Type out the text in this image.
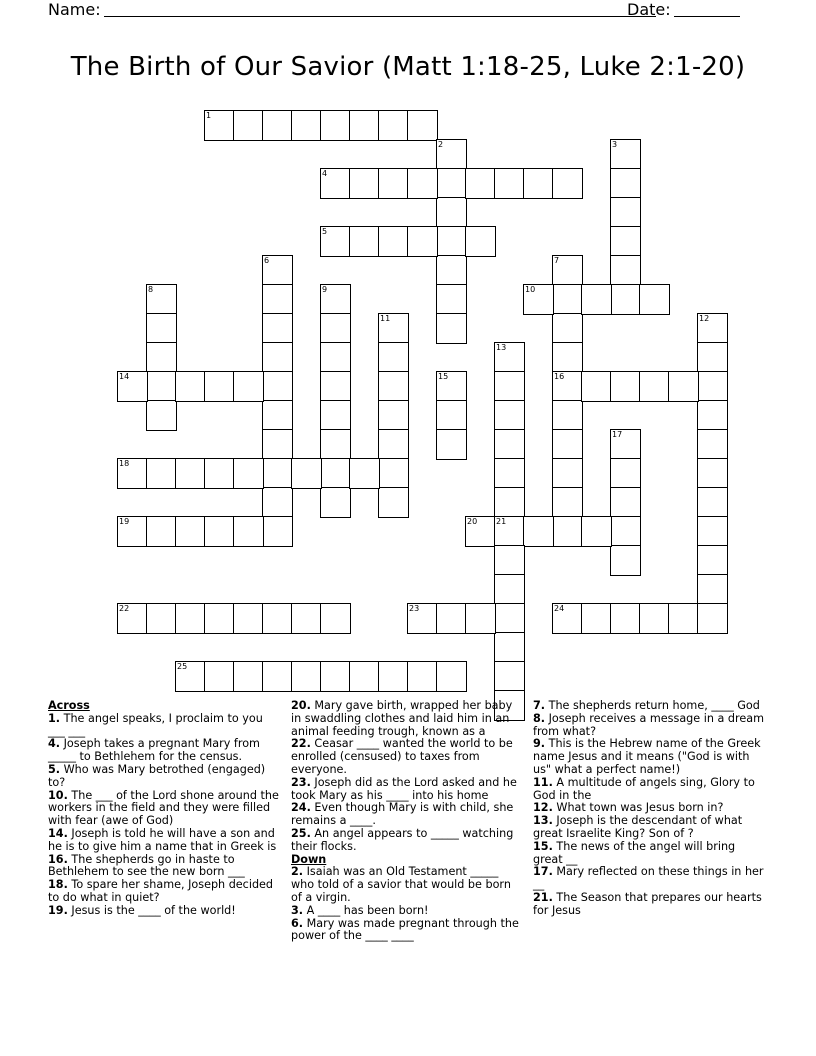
Name:	Date:
The Birth of Our Savior (Matt 1:18-25, Luke 2:1-20)
1
2	3
4
5
6	7
16
8	9	10
11	12
13
14	15
17
18
19	20 21
22	23	24
25

Across

1. The angel speaks, I proclaim to you ___ ___

4. Joseph takes a pregnant Mary from _____ to Bethlehem for the census.

5. Who was Mary betrothed (engaged) to?

10. The ___ of the Lord shone around the workers in the field and they were filled with fear (awe of God)

14. Joseph is told he will have a son and he is to give him a name that in Greek is

16. The shepherds go in haste to Bethlehem to see the new born ___

18. To spare her shame, Joseph decided to do what in quiet?

19. Jesus is the ____ of the world!

20. Mary gave birth, wrapped her baby in swaddling clothes and laid him in an animal feeding trough, known as a

22. Ceasar ____ wanted the world to be enrolled (censused) to taxes from everyone.

23. Joseph did as the Lord asked and he took Mary as his ____ into his home

24. Even though Mary is with child, she remains a ____.

25. An angel appears to _____ watching their flocks.

Down

2. Isaiah was an Old Testament _____ who told of a savior that would be born of a virgin.

3. A ____ has been born!

6. Mary was made pregnant through the power of the ____ ____

7. The shepherds return home, ____ God

8. Joseph receives a message in a dream from what?

9. This is the Hebrew name of the Greek name Jesus and it means ("God is with us" what a perfect name!)

11. A multitude of angels sing, Glory to God in the

12. What town was Jesus born in?

13. Joseph is the descendant of what great Israelite King? Son of ?

15. The news of the angel will bring great __

17. Mary reflected on these things in her __

21. The Season that prepares our hearts for Jesus
